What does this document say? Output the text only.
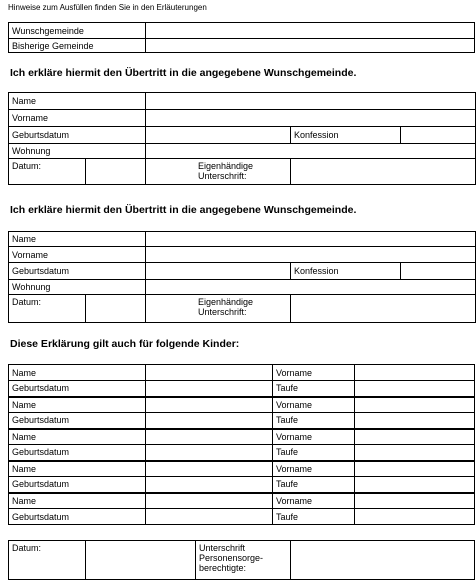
Hinweise zum Ausfüllen finden Sie in den Erläuterungen
Wunschgemeinde	
Bisherige Gemeinde	
Ich erkläre hiermit den Übertritt in die angegebene Wunschgemeinde.
Name				
Vorname				
Geburtsdatum			Konfession	
Wohnung				
Datum:		Eigenhändige Unterschrift:		
Ich erkläre hiermit den Übertritt in die angegebene Wunschgemeinde.
Name				
Vorname				
Geburtsdatum			Konfession	
Wohnung				
Datum:		Eigenhändige Unterschrift:		
Diese Erklärung gilt auch für folgende Kinder:
Name		Vorname	
Geburtsdatum		Taufe	
Name		Vorname	
Geburtsdatum		Taufe	
Name		Vorname	
Geburtsdatum		Taufe	
Name		Vorname	
Geburtsdatum		Taufe	
Name		Vorname	
Geburtsdatum		Taufe	
Datum:		Unterschrift Personensorge-berechtigte:	
